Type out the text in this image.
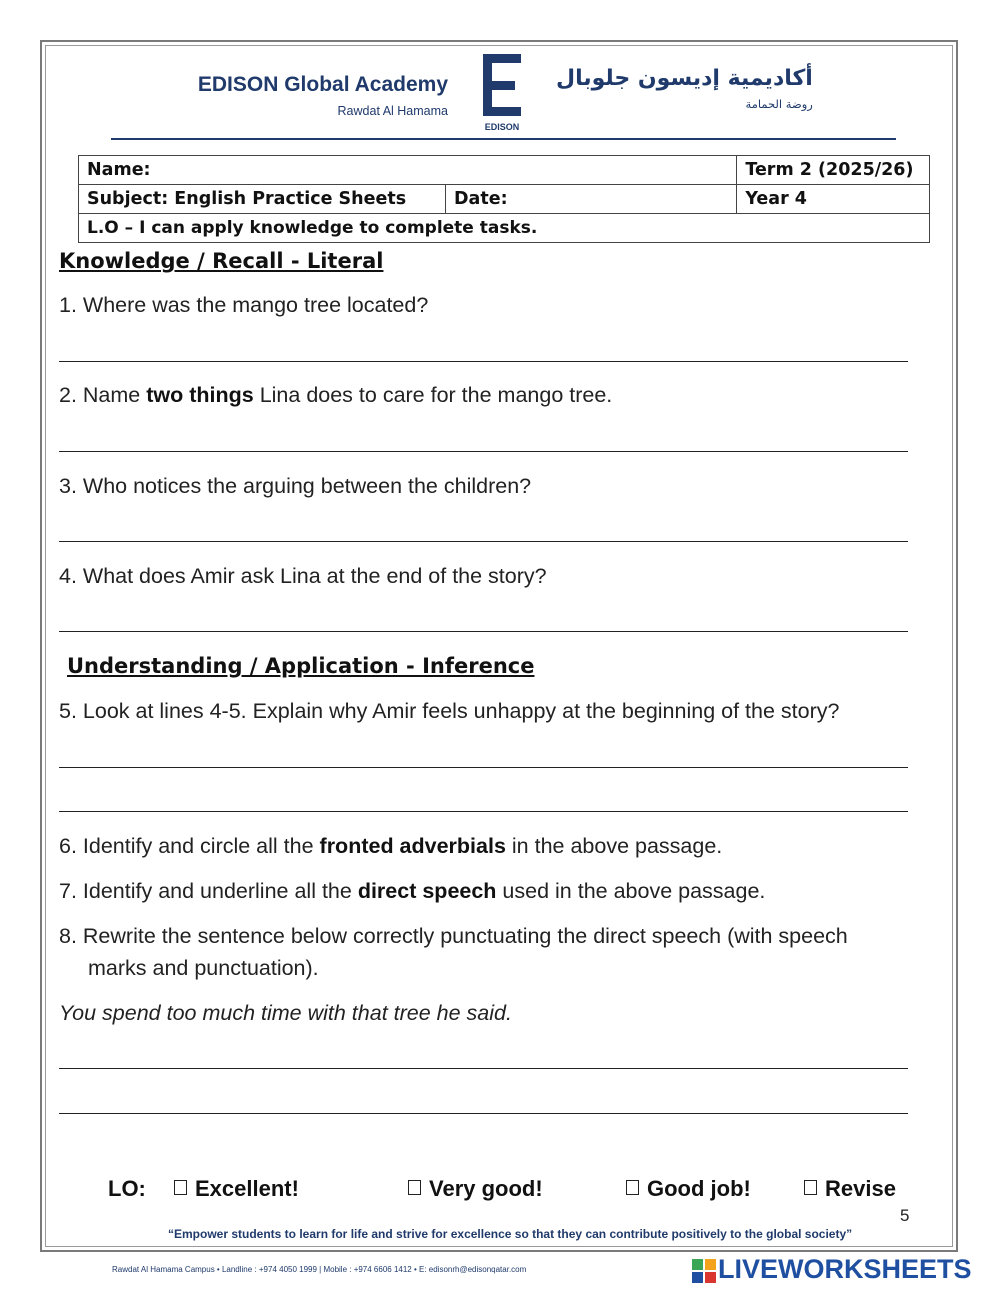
EDISON Global Academy
Rawdat Al Hamama
EDISON
أكاديمية إديسون جلوبال
روضة الحمامة
Name:		Term 2 (2025/26)
Subject: English Practice Sheets	Date:	Year 4
L.O – I can apply knowledge to complete tasks.		
Knowledge / Recall - Literal
1. Where was the mango tree located?
2. Name two things Lina does to care for the mango tree.
3. Who notices the arguing between the children?
4. What does Amir ask Lina at the end of the story?
Understanding / Application - Inference
5. Look at lines 4-5. Explain why Amir feels unhappy at the beginning of the story?
6. Identify and circle all the fronted adverbials in the above passage.
7. Identify and underline all the direct speech used in the above passage.
8. Rewrite the sentence below correctly punctuating the direct speech (with speech
marks and punctuation).
You spend too much time with that tree he said.
LO:	Excellent!	Very good!	Good job!	Revise
5
“Empower students to learn for life and strive for excellence so that they can contribute positively to the global society”
Rawdat Al Hamama Campus • Landline : +974 4050 1999 | Mobile : +974 6606 1412 • E: edisonrh@edisonqatar.com	LIVEWORKSHEETS
